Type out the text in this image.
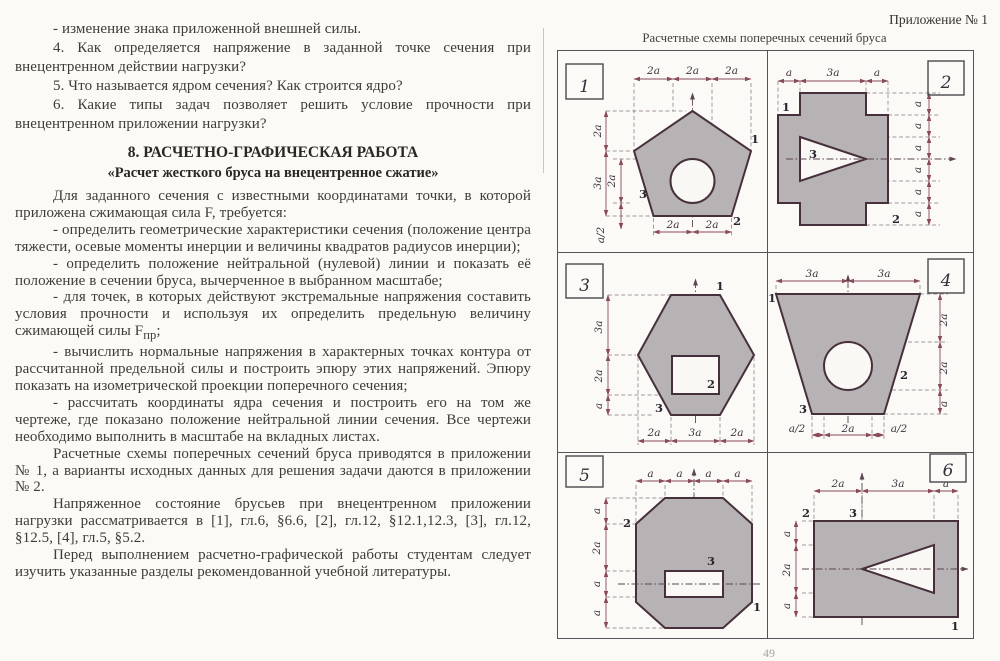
- изменение знака приложенной внешней силы.

4. Как определяется напряжение в заданной точке сечения при внецентренном действии нагрузки?

5. Что называется ядром сечения? Как строится ядро?

6. Какие типы задач позволяет решить условие прочности при внецентренном приложении нагрузки?

8. РАСЧЕТНО-ГРАФИЧЕСКАЯ РАБОТА
«Расчет жесткого бруса на внецентренное сжатие»

Для заданного сечения с известными координатами точки, в которой приложена сжимающая сила F, требуется:

- определить геометрические характеристики сечения (положение центра тяжести, осевые моменты инерции и величины квадратов радиусов инерции);

- определить положение нейтральной (нулевой) линии и показать её положение в сечении бруса, вычерченное в выбранном масштабе;

- для точек, в которых действуют экстремальные напряжения составить условия прочности и используя их определить предельную величину сжимающей силы $F_{пр}$;

- вычислить нормальные напряжения в характерных точках контура от рассчитанной предельной силы и построить эпюру этих напряжений. Эпюру показать на изометрической проекции поперечного сечения;

- рассчитать координаты ядра сечения и построить его на том же чертеже, где показано положение нейтральной линии сечения. Все чертежи необходимо выполнить в масштабе на вкладных листах.

Расчетные схемы поперечных сечений бруса приводятся в приложении № 1, а варианты исходных данных для решения задачи даются в приложении № 2.

Напряженное состояние брусьев при внецентренном приложении нагрузки рассматривается в [1], гл.6, §6.6, [2], гл.12, §12.1,12.3, [3], гл.12, §12.5, [4], гл.5, §5.2.

Перед выполнением расчетно-графической работы студентам следует изучить указанные разделы рекомендованной учебной литературы.

Приложение № 1
Расчетные схемы поперечных сечений бруса
2a 2a 2a
2a
3a 2a
a/2
2a 2a
1
2
3
1
a	3a	a
a
a
a
a
a
a
1
2
3
2
3a
2a
a
2a	3a	2a
1
2
3
3
3a	3a
2a
2a
a
a/2	2a	a/2
1
2
3
4
a a a a
a
2a
a
a
2
3
1
5	2a	3a	a
a
2a
a
2	3
1
6
49
